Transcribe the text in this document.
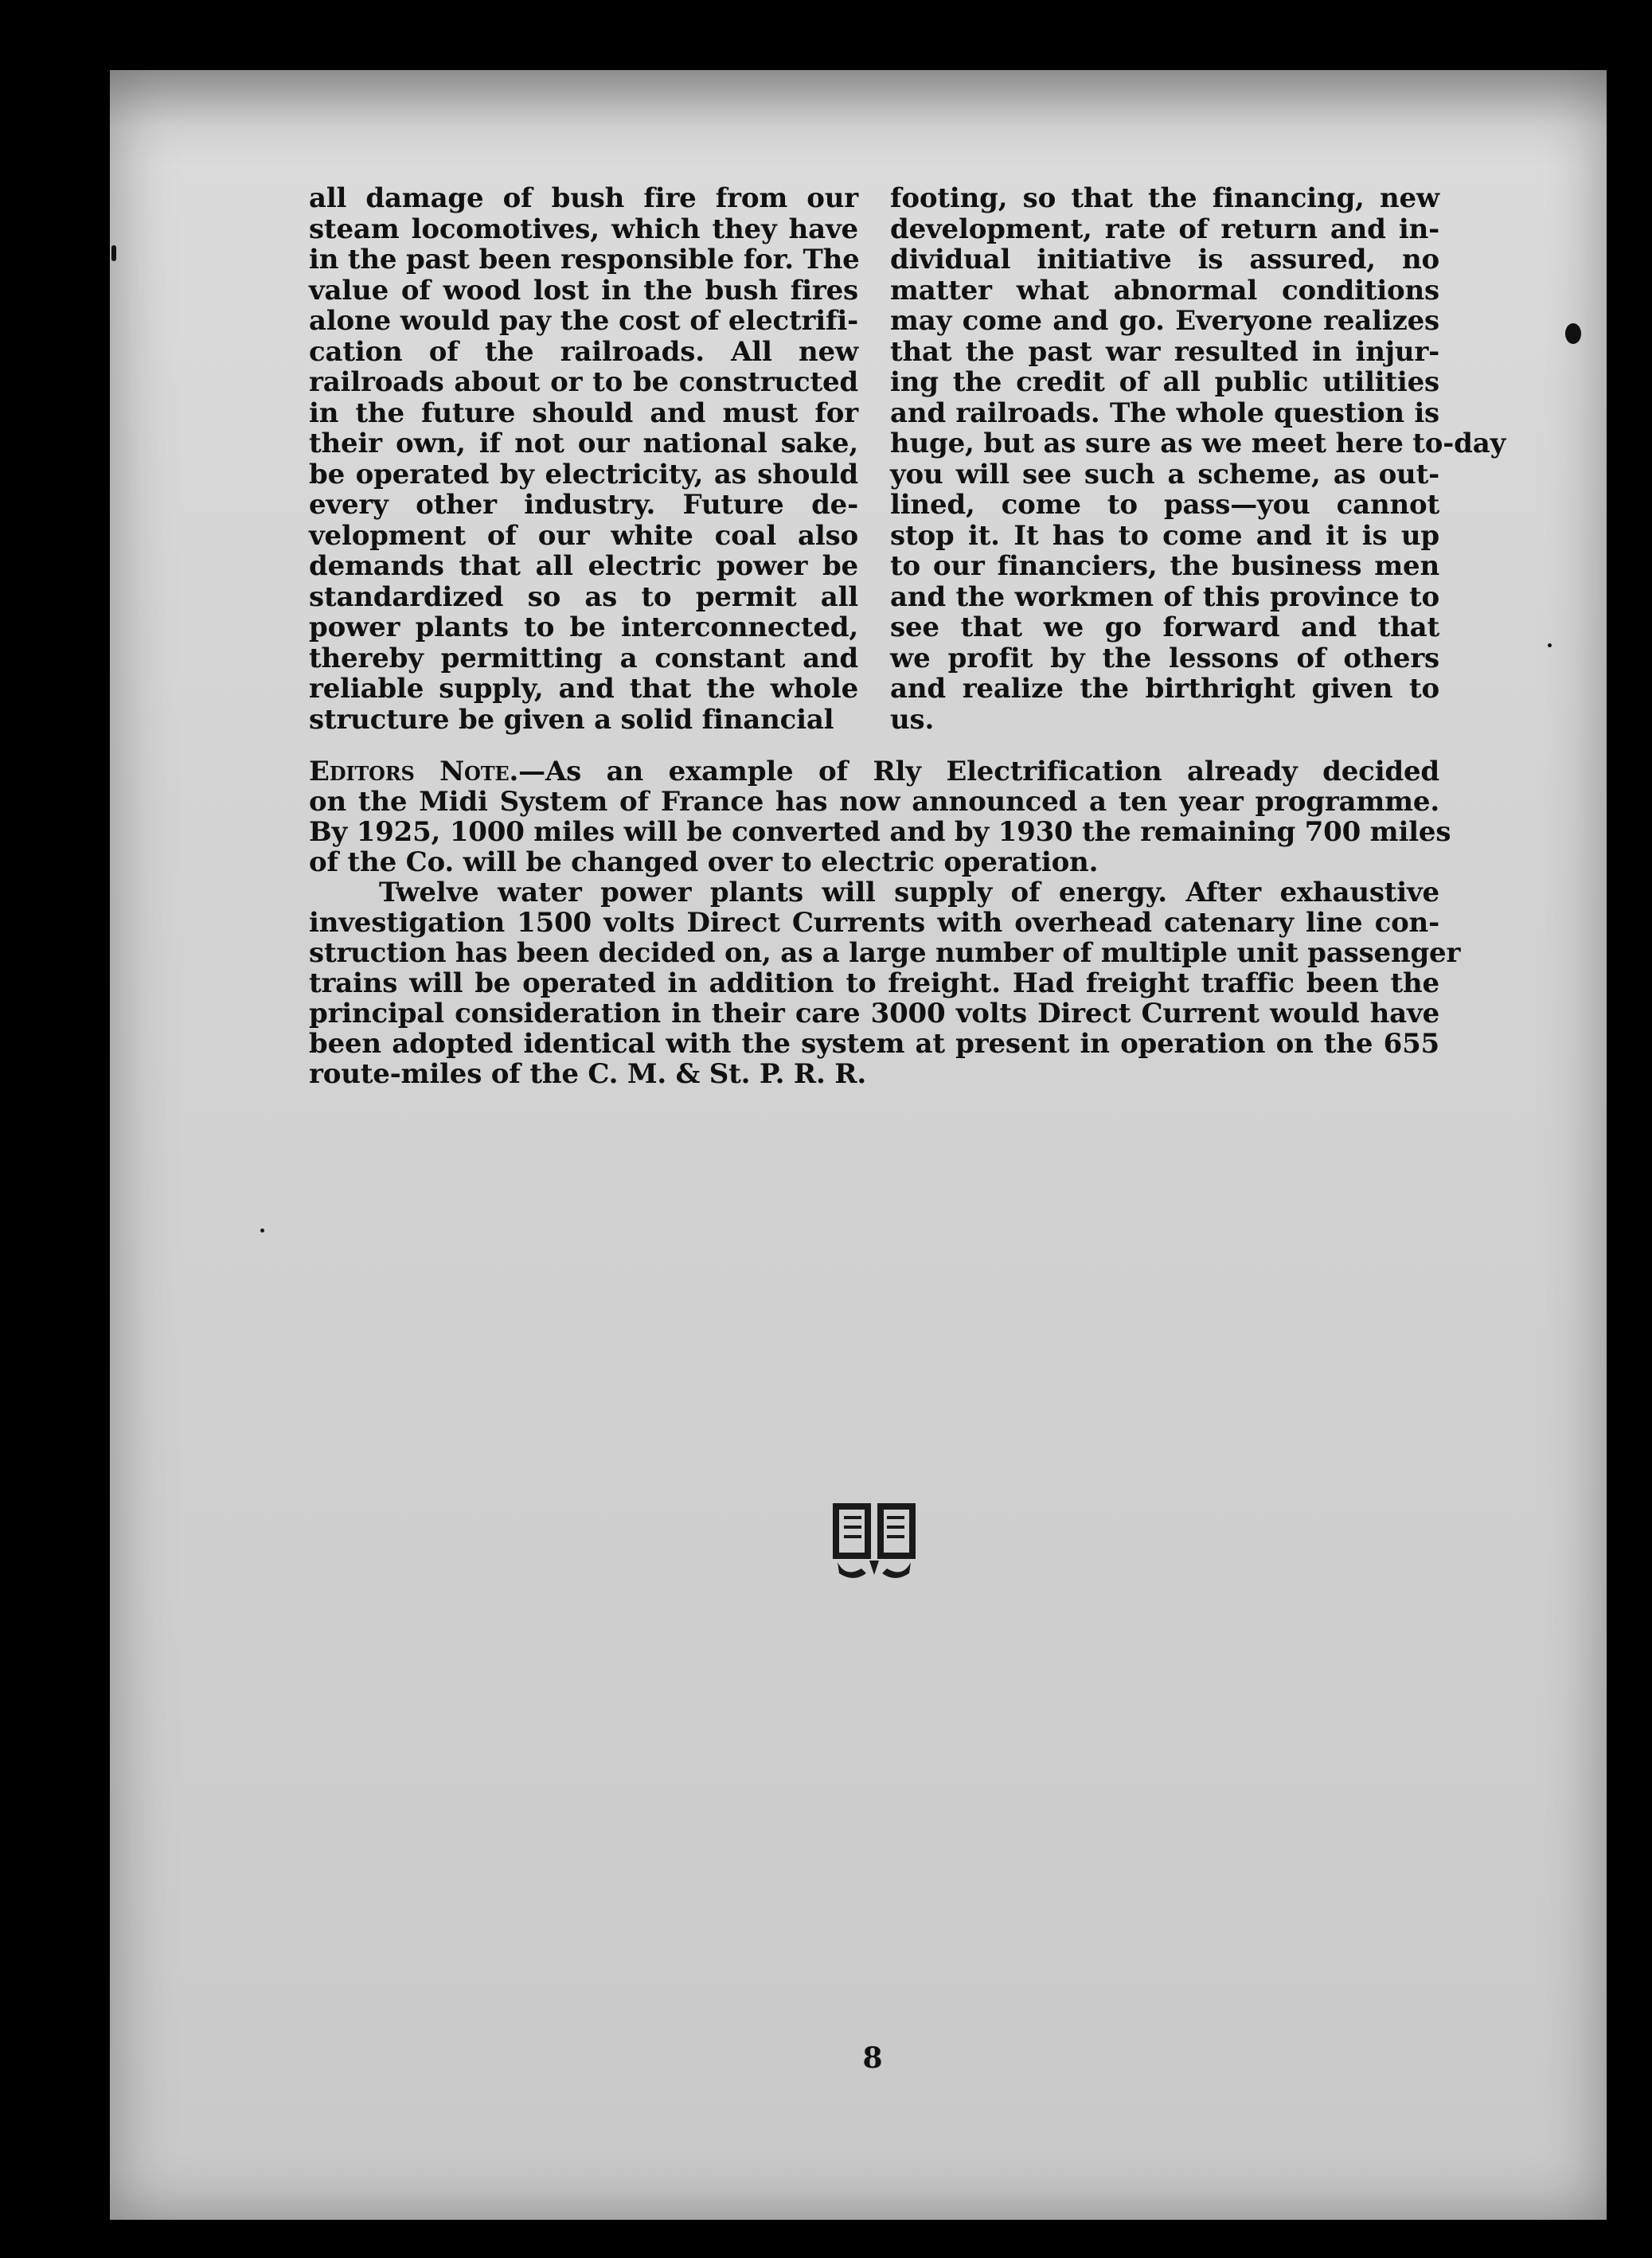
all damage of bush fire from our
steam locomotives, which they have
in the past been responsible for. The
value of wood lost in the bush fires
alone would pay the cost of electrifi-
cation of the railroads. All new
railroads about or to be constructed
in the future should and must for
their own, if not our national sake,
be operated by electricity, as should
every other industry. Future de-
velopment of our white coal also
demands that all electric power be
standardized so as to permit all
power plants to be interconnected,
thereby permitting a constant and
reliable supply, and that the whole
structure be given a solid financial
footing, so that the financing, new
development, rate of return and in-
dividual initiative is assured, no
matter what abnormal conditions
may come and go. Everyone realizes
that the past war resulted in injur-
ing the credit of all public utilities
and railroads. The whole question is
huge, but as sure as we meet here to-day
you will see such a scheme, as out-
lined, come to pass—you cannot
stop it. It has to come and it is up
to our financiers, the business men
and the workmen of this province to
see that we go forward and that
we profit by the lessons of others
and realize the birthright given to
us.
Editors Note.—As an example of Rly Electrification already decided
on the Midi System of France has now announced a ten year programme.
By 1925, 1000 miles will be converted and by 1930 the remaining 700 miles
of the Co. will be changed over to electric operation.
Twelve water power plants will supply of energy. After exhaustive
investigation 1500 volts Direct Currents with overhead catenary line con-
struction has been decided on, as a large number of multiple unit passenger
trains will be operated in addition to freight. Had freight traffic been the
principal consideration in their care 3000 volts Direct Current would have
been adopted identical with the system at present in operation on the 655
route-miles of the C. M. & St. P. R. R.
8
